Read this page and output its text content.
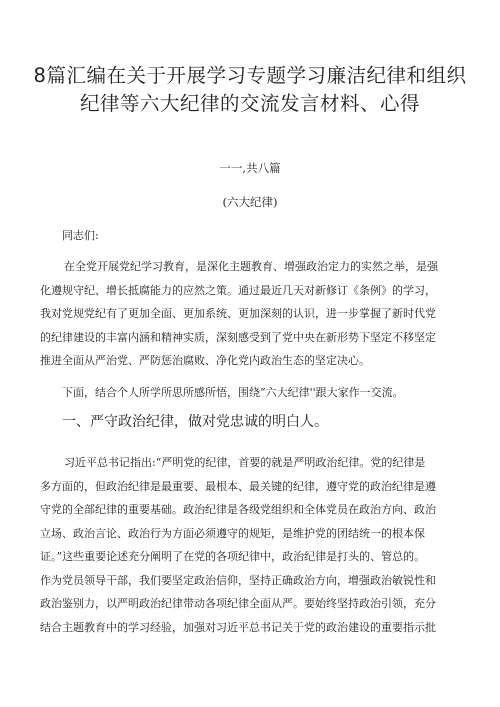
8篇汇编在关于开展学习专题学习廉洁纪律和组织
纪律等六大纪律的交流发言材料、心得
一一,共八篇
(六大纪律)
同志们:
在全党开展党纪学习教育，是深化主题教育、增强政治定力的实然之举，是强
化遵规守纪、增长抵腐能力的应然之策。通过最近几天对新修订《条例》的学习，
我对党规党纪有了更加全面、更加系统、更加深刻的认识，进一步掌握了新时代党
的纪律建设的丰富内涵和精神实质，深刻感受到了党中央在新形势下坚定不移坚定
推进全面从严治党、严防惩治腐败、净化党内政治生态的坚定决心。
下面，结合个人所学所思所感所悟，围绕“六大纪律''跟大家作一交流。
一、严守政治纪律，做对党忠诚的明白人。
习近平总书记指出:“严明党的纪律，首要的就是严明政治纪律。党的纪律是
多方面的，但政治纪律是最重要、最根本、最关键的纪律，遵守党的政治纪律是遵
守党的全部纪律的重要基础。政治纪律是各级党组织和全体党员在政治方向、政治
立场、政治言论、政治行为方面必须遵守的规矩，是维护党的团结统一的根本保
证。”这些重要论述充分阐明了在党的各项纪律中，政治纪律是打头的、管总的。
作为党员领导干部，我们要坚定政治信仰，坚持正确政治方向，增强政治敏锐性和
政治鉴别力，以严明政治纪律带动各项纪律全面从严。要始终坚持政治引领，充分
结合主题教育中的学习经验，加强对习近平总书记关于党的政治建设的重要指示批
